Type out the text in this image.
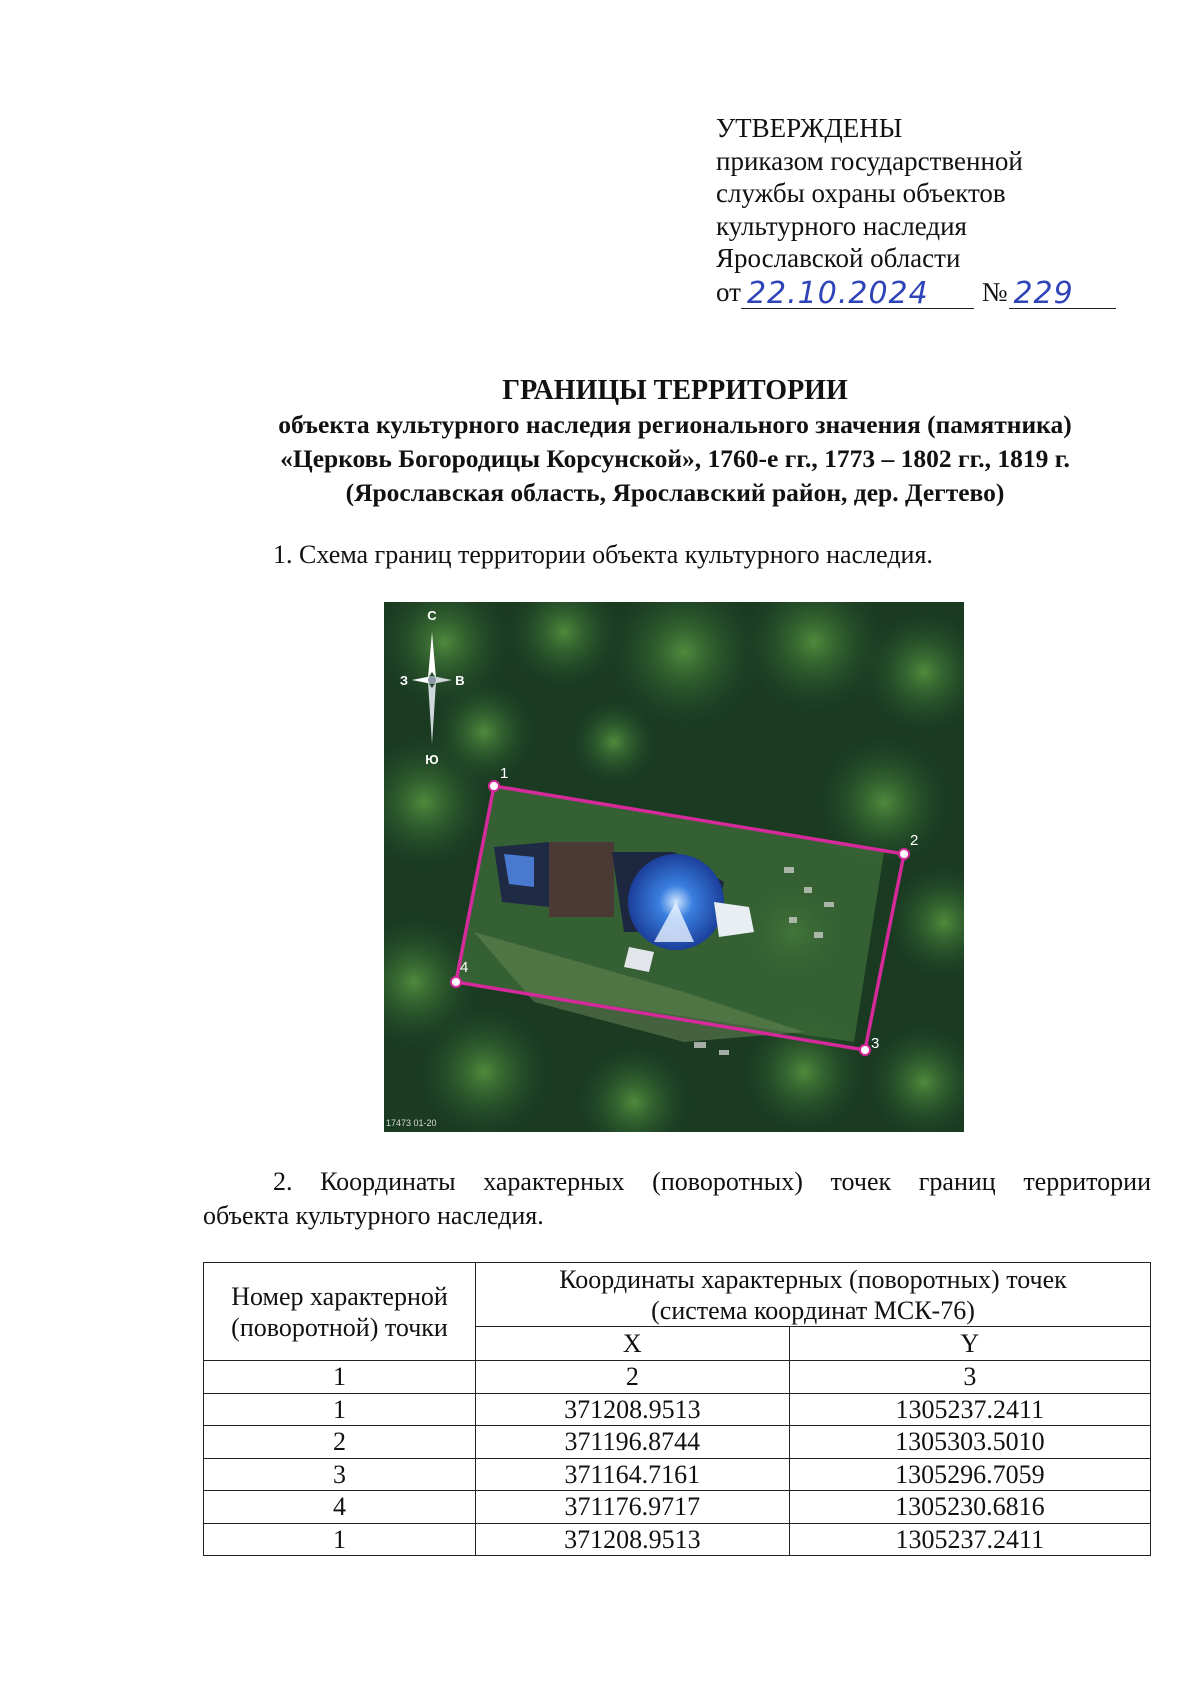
УТВЕРЖДЕНЫ
приказом государственной
службы охраны объектов
культурного наследия
Ярославской области
от 22.10.2024	№ 229
ГРАНИЦЫ ТЕРРИТОРИИ
объекта культурного наследия регионального значения (памятника)
«Церковь Богородицы Корсунской», 1760-е гг., 1773 – 1802 гг., 1819 г.
(Ярославская область, Ярославский район, дер. Дегтево)
1. Схема границ территории объекта культурного наследия.
С
Ю
З	В
1
2
3
4
17473 01-20
2. Координаты характерных (поворотных) точек границ территории
объекта культурного наследия.
Номер характерной (поворотной) точки	Координаты характерных (поворотных) точек
(система координат МСК-76)	

	X	Y
1	2	3
1	371208.9513	1305237.2411
2	371196.8744	1305303.5010
3	371164.7161	1305296.7059
4	371176.9717	1305230.6816
1	371208.9513	1305237.2411
